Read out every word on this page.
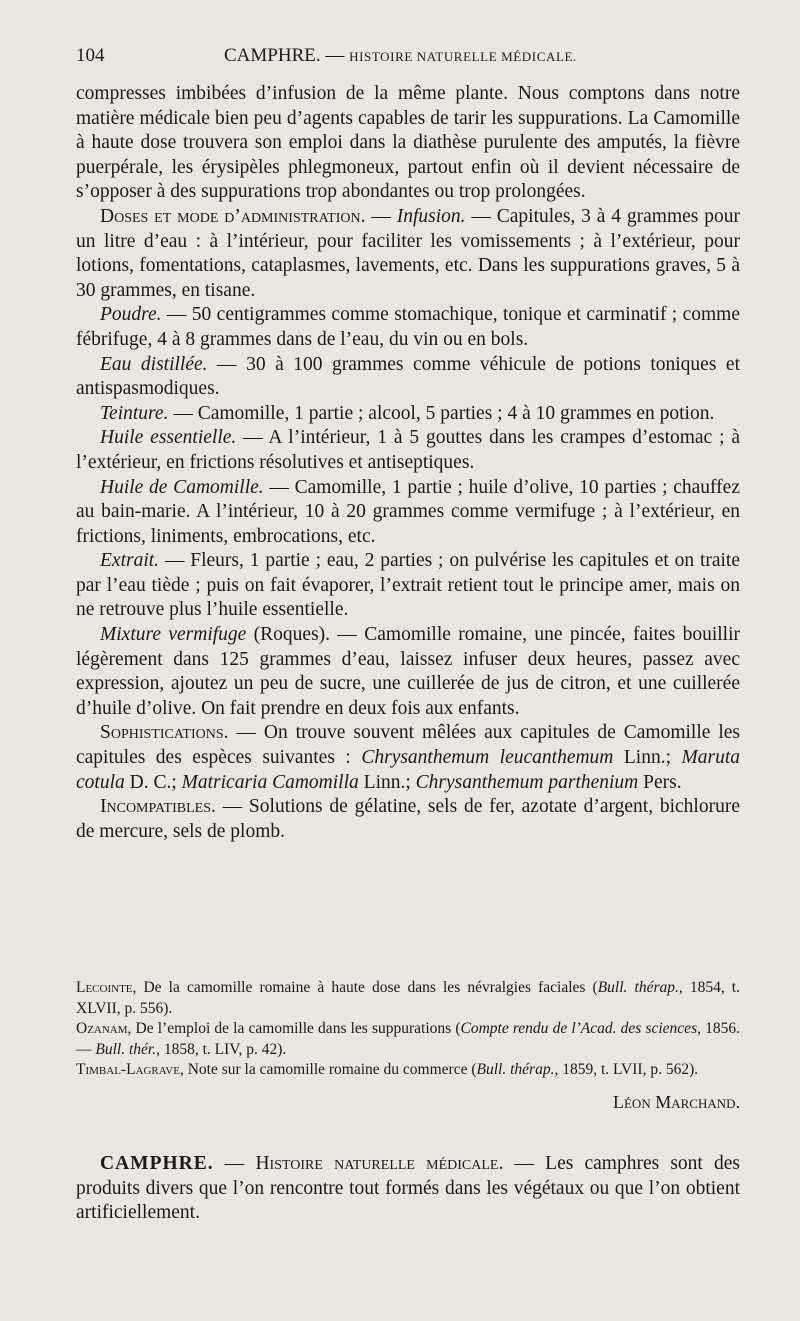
104	CAMPHRE. — HISTOIRE NATURELLE MÉDICALE.

compresses imbibées d’infusion de la même plante. Nous comptons dans notre matière médicale bien peu d’agents capables de tarir les suppurations. La Camomille à haute dose trouvera son emploi dans la diathèse purulente des amputés, la fièvre puerpérale, les érysipèles phlegmoneux, partout enfin où il devient nécessaire de s’opposer à des suppurations trop abondantes ou trop prolongées.

Doses et mode d’administration. — Infusion. — Capitules, 3 à 4 grammes pour un litre d’eau : à l’intérieur, pour faciliter les vomissements ; à l’extérieur, pour lotions, fomentations, cataplasmes, lavements, etc. Dans les suppurations graves, 5 à 30 grammes, en tisane.

Poudre. — 50 centigrammes comme stomachique, tonique et carminatif ; comme fébrifuge, 4 à 8 grammes dans de l’eau, du vin ou en bols.

Eau distillée. — 30 à 100 grammes comme véhicule de potions toniques et antispasmodiques.

Teinture. — Camomille, 1 partie ; alcool, 5 parties ; 4 à 10 grammes en potion.

Huile essentielle. — A l’intérieur, 1 à 5 gouttes dans les crampes d’estomac ; à l’extérieur, en frictions résolutives et antiseptiques.

Huile de Camomille. — Camomille, 1 partie ; huile d’olive, 10 parties ; chauffez au bain-marie. A l’intérieur, 10 à 20 grammes comme vermifuge ; à l’extérieur, en frictions, liniments, embrocations, etc.

Extrait. — Fleurs, 1 partie ; eau, 2 parties ; on pulvérise les capitules et on traite par l’eau tiède ; puis on fait évaporer, l’extrait retient tout le principe amer, mais on ne retrouve plus l’huile essentielle.

Mixture vermifuge (Roques). — Camomille romaine, une pincée, faites bouillir légèrement dans 125 grammes d’eau, laissez infuser deux heures, passez avec expression, ajoutez un peu de sucre, une cuillerée de jus de citron, et une cuillerée d’huile d’olive. On fait prendre en deux fois aux enfants.

Sophistications. — On trouve souvent mêlées aux capitules de Camomille les capitules des espèces suivantes : Chrysanthemum leucanthemum Linn.; Maruta cotula D. C.; Matricaria Camomilla Linn.; Chrysanthemum parthenium Pers.

Incompatibles. — Solutions de gélatine, sels de fer, azotate d’argent, bichlorure de mercure, sels de plomb.

Lecointe, De la camomille romaine à haute dose dans les névralgies faciales (Bull. thérap., 1854, t. XLVII, p. 556).

Ozanam, De l’emploi de la camomille dans les suppurations (Compte rendu de l’Acad. des sciences, 1856. — Bull. thér., 1858, t. LIV, p. 42).

Timbal-Lagrave, Note sur la camomille romaine du commerce (Bull. thérap., 1859, t. LVII, p. 562).

Léon Marchand.

CAMPHRE. — Histoire naturelle médicale. — Les camphres sont des produits divers que l’on rencontre tout formés dans les végétaux ou que l’on obtient artificiellement.
